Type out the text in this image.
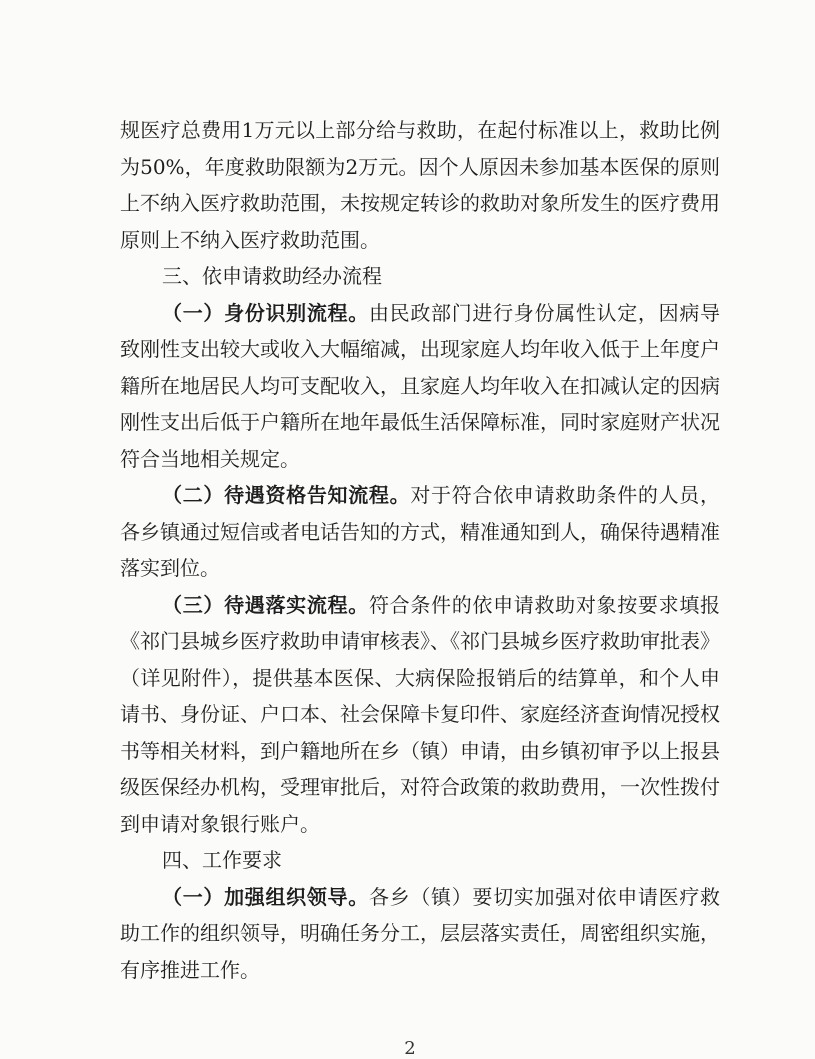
规医疗总费用1万元以上部分给与救助，在起付标准以上，救助比例为50%，年度救助限额为2万元。因个人原因未参加基本医保的原则上不纳入医疗救助范围，未按规定转诊的救助对象所发生的医疗费用原则上不纳入医疗救助范围。

三、依申请救助经办流程

（一）身份识别流程。由民政部门进行身份属性认定，因病导致刚性支出较大或收入大幅缩减，出现家庭人均年收入低于上年度户籍所在地居民人均可支配收入，且家庭人均年收入在扣减认定的因病刚性支出后低于户籍所在地年最低生活保障标准，同时家庭财产状况符合当地相关规定。

（二）待遇资格告知流程。对于符合依申请救助条件的人员，各乡镇通过短信或者电话告知的方式，精准通知到人，确保待遇精准落实到位。

（三）待遇落实流程。符合条件的依申请救助对象按要求填报《祁门县城乡医疗救助申请审核表》、《祁门县城乡医疗救助审批表》（详见附件），提供基本医保、大病保险报销后的结算单，和个人申请书、身份证、户口本、社会保障卡复印件、家庭经济查询情况授权书等相关材料，到户籍地所在乡（镇）申请，由乡镇初审予以上报县级医保经办机构，受理审批后，对符合政策的救助费用，一次性拨付到申请对象银行账户。

四、工作要求

（一）加强组织领导。各乡（镇）要切实加强对依申请医疗救助工作的组织领导，明确任务分工，层层落实责任，周密组织实施，有序推进工作。

2
